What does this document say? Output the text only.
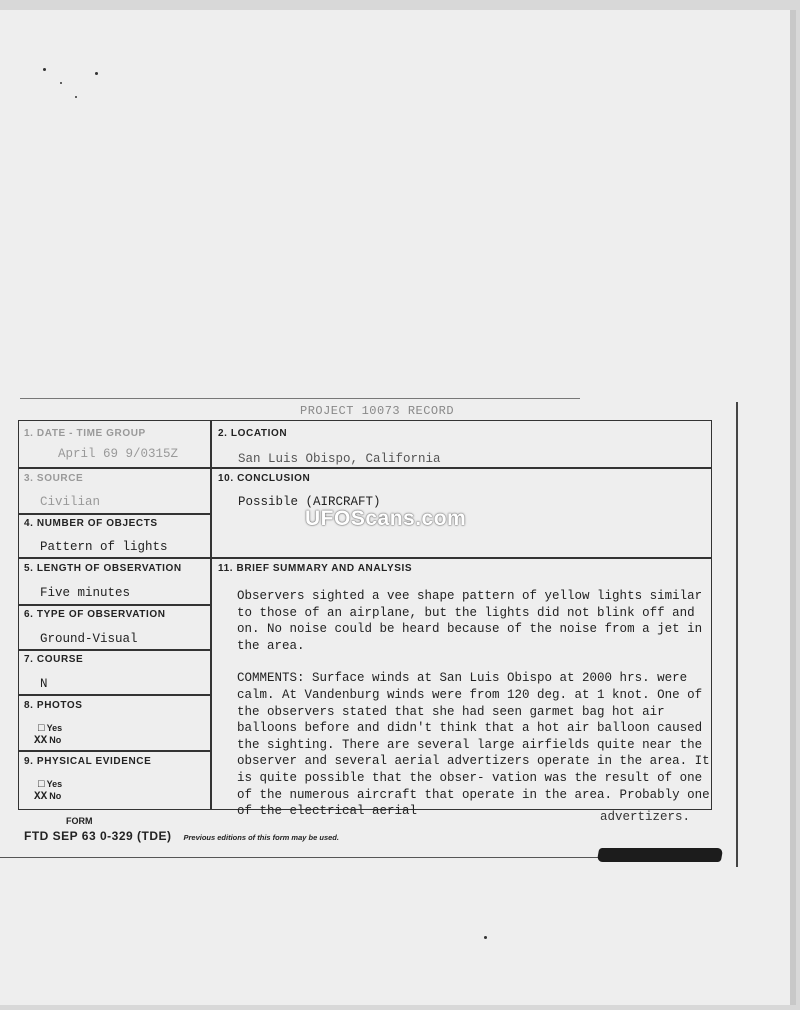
PROJECT 10073 RECORD
1. DATE - TIME GROUP
April 69 9/0315Z
2. LOCATION
San Luis Obispo, California
3. SOURCE
Civilian
10. CONCLUSION
Possible (AIRCRAFT)
UFOScans.com
4. NUMBER OF OBJECTS
Pattern of lights
5. LENGTH OF OBSERVATION
Five minutes
11. BRIEF SUMMARY AND ANALYSIS
6. TYPE OF OBSERVATION
Ground-Visual
7. COURSE
N
8. PHOTOS
□ Yes
XX No
9. PHYSICAL EVIDENCE
□ Yes
XX No

Observers sighted a vee shape pattern of yellow lights similar to those of an airplane, but the lights did not blink off and on. No noise could be heard because of the noise from a jet in the area.

COMMENTS: Surface winds at San Luis Obispo at 2000 hrs. were calm. At Vandenburg winds were from 120 deg. at 1 knot. One of the observers stated that she had seen garmet bag hot air balloons before and didn't think that a hot air balloon caused the sighting. There are several large airfields quite near the observer and several aerial advertizers operate in the area. It is quite possible that the obser- vation was the result of one of the numerous aircraft that operate in the area. Probably one of the electrical aerial	advertizers.
FORM
FTD SEP 63 0-329 (TDE) Previous editions of this form may be used.
